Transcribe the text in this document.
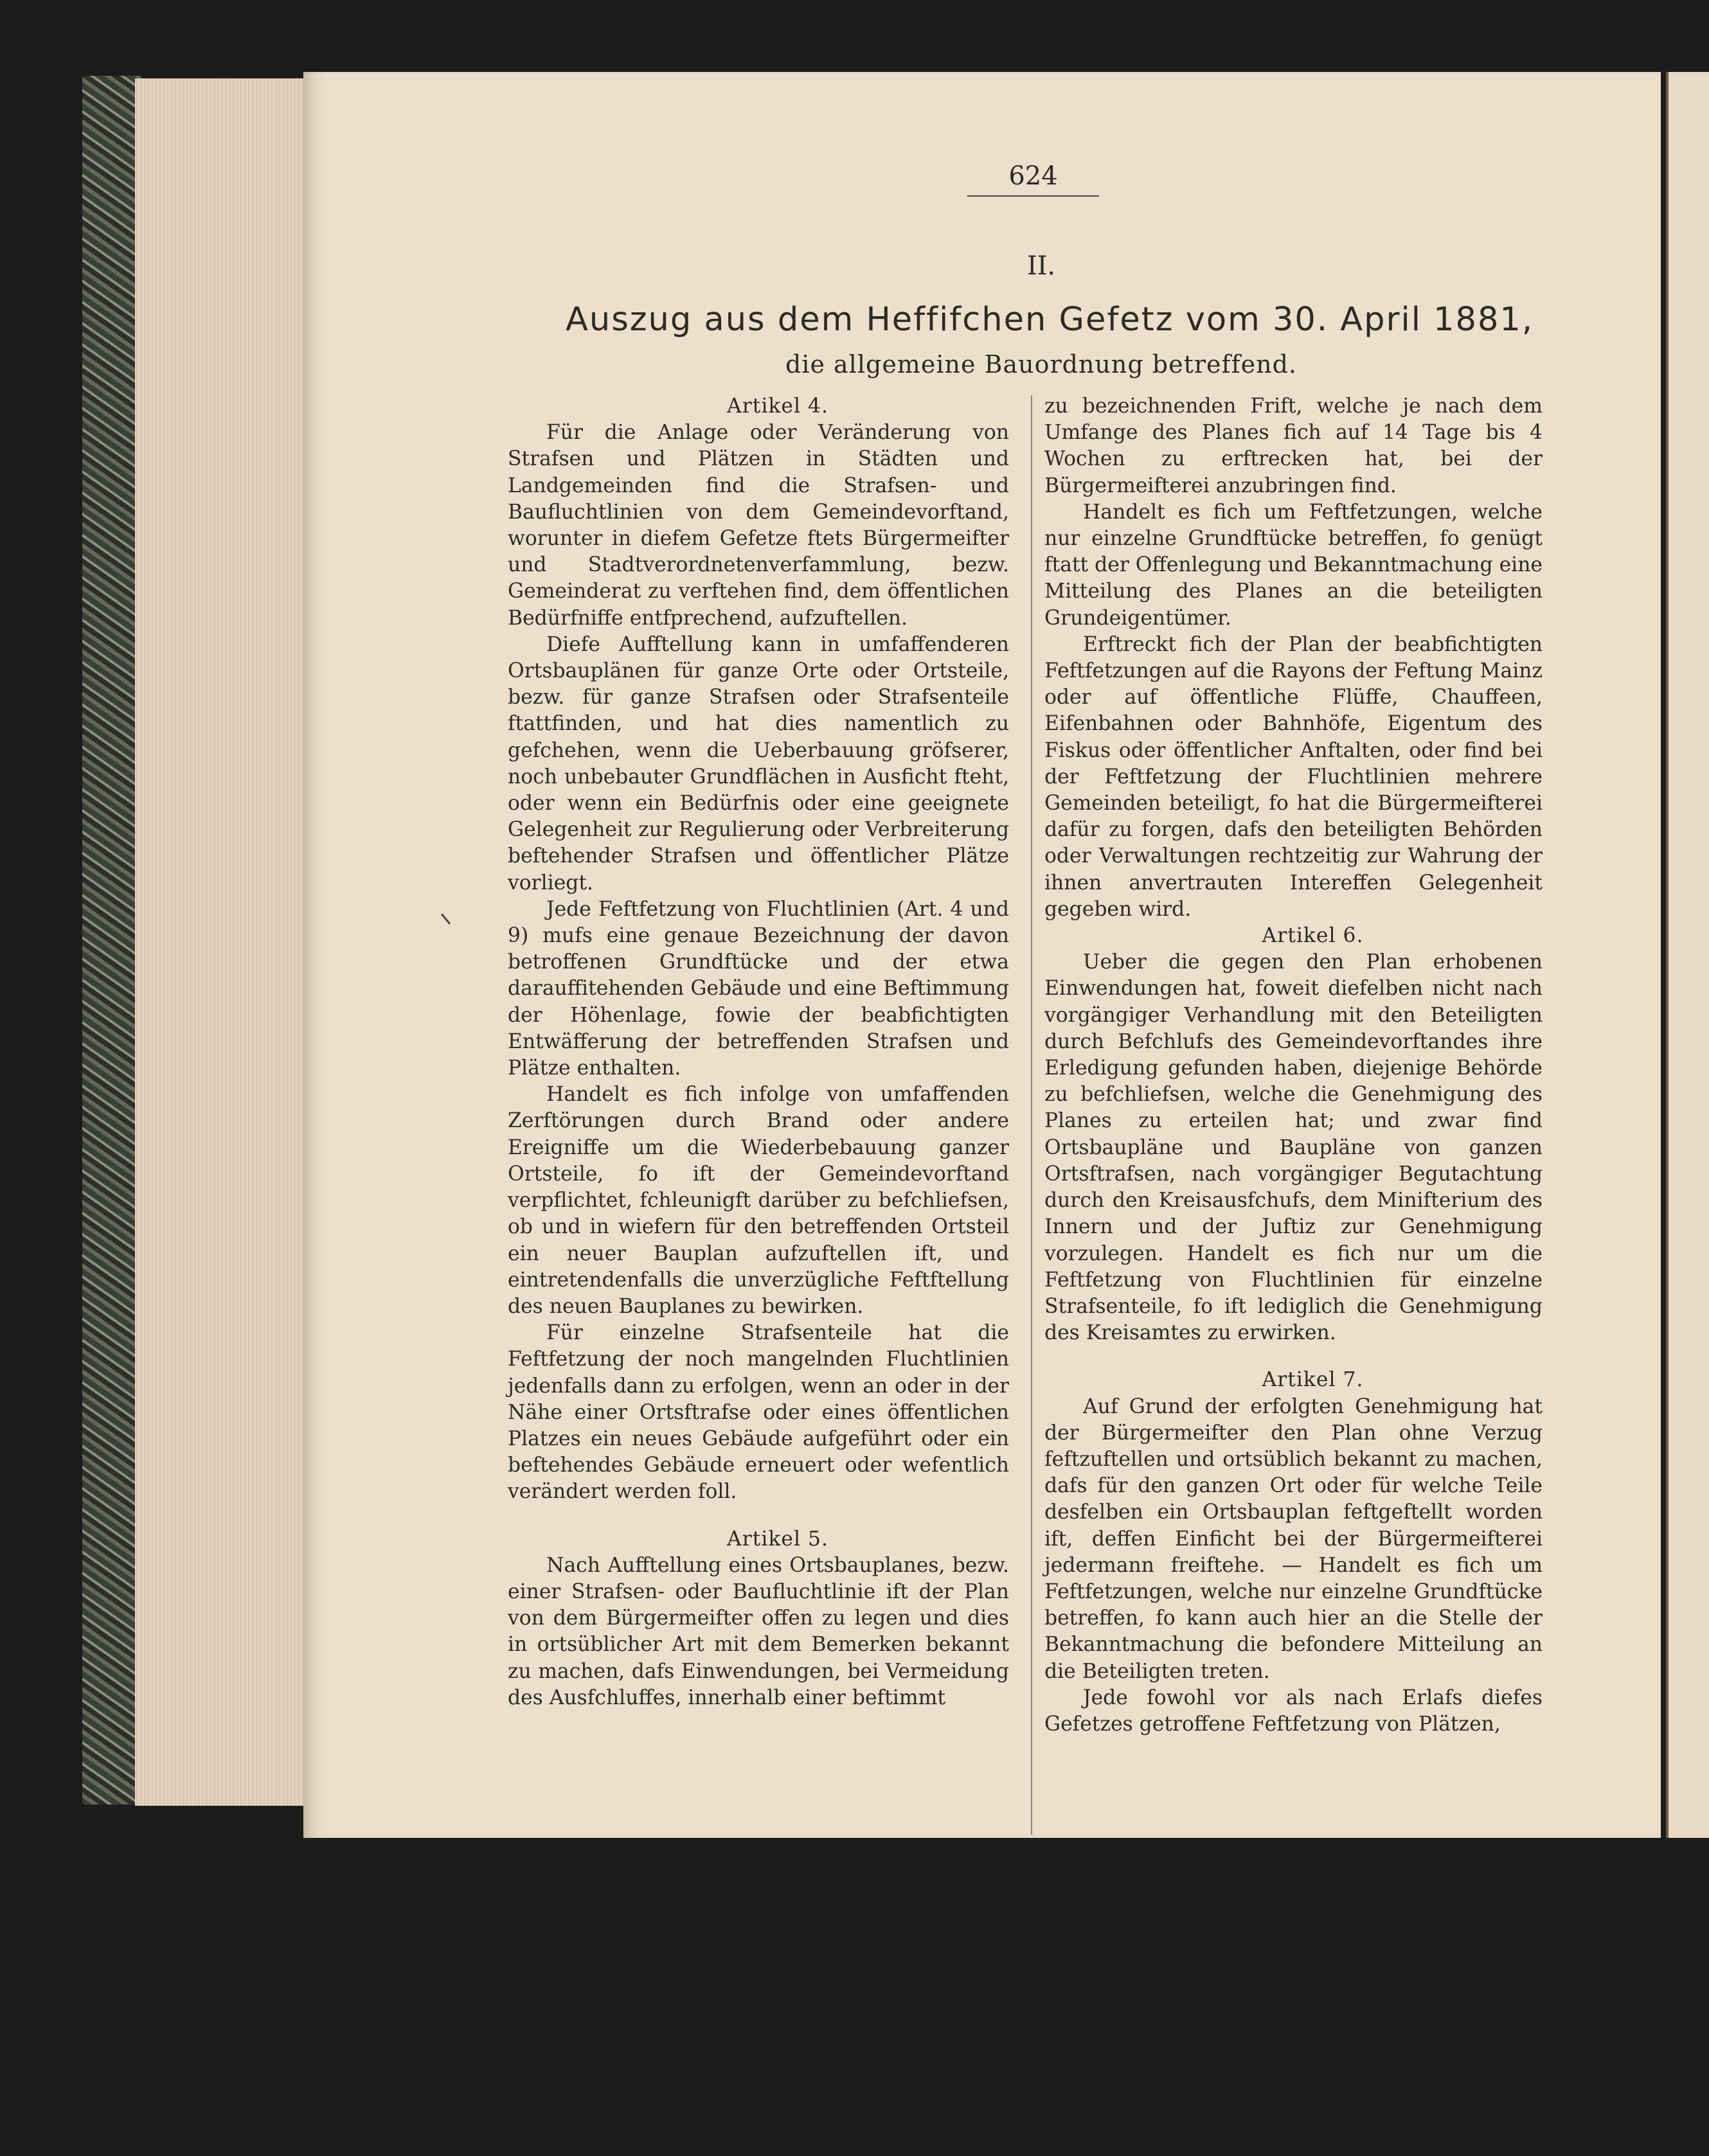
624
II.
Auszug aus dem Heffifchen Gefetz vom 30. April 1881,
die allgemeine Bauordnung betreffend.

Artikel 4.

Für die Anlage oder Veränderung von Strafsen und Plätzen in Städten und Landgemeinden find die Strafsen- und Baufluchtlinien von dem Gemeindevorftand, worunter in diefem Gefetze ftets Bürgermeifter und Stadtverordnetenverfammlung, bezw. Gemeinderat zu verftehen find, dem öffentlichen Bedürfniffe entfprechend, aufzuftellen.

Diefe Aufftellung kann in umfaffenderen Ortsbauplänen für ganze Orte oder Ortsteile, bezw. für ganze Strafsen oder Strafsenteile ftattfinden, und hat dies namentlich zu gefchehen, wenn die Ueberbauung gröfserer, noch unbebauter Grundflächen in Ausficht fteht, oder wenn ein Bedürfnis oder eine geeignete Gelegenheit zur Regulierung oder Verbreiterung beftehender Strafsen und öffentlicher Plätze vorliegt.

Jede Feftfetzung von Fluchtlinien (Art. 4 und 9) mufs eine genaue Bezeichnung der davon betroffenen Grundftücke und der etwa darauffitehenden Gebäude und eine Beftimmung der Höhenlage, fowie der beabfichtigten Entwäfferung der betreffenden Strafsen und Plätze enthalten.

Handelt es fich infolge von umfaffenden Zerftörungen durch Brand oder andere Ereigniffe um die Wiederbebauung ganzer Ortsteile, fo ift der Gemeindevorftand verpflichtet, fchleunigft darüber zu befchliefsen, ob und in wiefern für den betreffenden Ortsteil ein neuer Bauplan aufzuftellen ift, und eintretendenfalls die unverzügliche Feftftellung des neuen Bauplanes zu bewirken.

Für einzelne Strafsenteile hat die Feftfetzung der noch mangelnden Fluchtlinien jedenfalls dann zu erfolgen, wenn an oder in der Nähe einer Ortsftrafse oder eines öffentlichen Platzes ein neues Gebäude aufgeführt oder ein beftehendes Gebäude erneuert oder wefentlich verändert werden foll.

Artikel 5.

Nach Aufftellung eines Ortsbauplanes, bezw. einer Strafsen- oder Baufluchtlinie ift der Plan von dem Bürgermeifter offen zu legen und dies in ortsüblicher Art mit dem Bemerken bekannt zu machen, dafs Einwendungen, bei Vermeidung des Ausfchluffes, innerhalb einer beftimmt

zu bezeichnenden Frift, welche je nach dem Umfange des Planes fich auf 14 Tage bis 4 Wochen zu erftrecken hat, bei der Bürgermeifterei anzubringen find.

Handelt es fich um Feftfetzungen, welche nur einzelne Grundftücke betreffen, fo genügt ftatt der Offenlegung und Bekanntmachung eine Mitteilung des Planes an die beteiligten Grundeigentümer.

Erftreckt fich der Plan der beabfichtigten Feftfetzungen auf die Rayons der Feftung Mainz oder auf öffentliche Flüffe, Chauffeen, Eifenbahnen oder Bahnhöfe, Eigentum des Fiskus oder öffentlicher Anftalten, oder find bei der Feftfetzung der Fluchtlinien mehrere Gemeinden beteiligt, fo hat die Bürgermeifterei dafür zu forgen, dafs den beteiligten Behörden oder Verwaltungen rechtzeitig zur Wahrung der ihnen anvertrauten Intereffen Gelegenheit gegeben wird.

Artikel 6.

Ueber die gegen den Plan erhobenen Einwendungen hat, foweit diefelben nicht nach vorgängiger Verhandlung mit den Beteiligten durch Befchlufs des Gemeindevorftandes ihre Erledigung gefunden haben, diejenige Behörde zu befchliefsen, welche die Genehmigung des Planes zu erteilen hat; und zwar find Ortsbaupläne und Baupläne von ganzen Ortsftrafsen, nach vorgängiger Begutachtung durch den Kreisausfchufs, dem Minifterium des Innern und der Juftiz zur Genehmigung vorzulegen. Handelt es fich nur um die Feftfetzung von Fluchtlinien für einzelne Strafsenteile, fo ift lediglich die Genehmigung des Kreisamtes zu erwirken.

Artikel 7.

Auf Grund der erfolgten Genehmigung hat der Bürgermeifter den Plan ohne Verzug feftzuftellen und ortsüblich bekannt zu machen, dafs für den ganzen Ort oder für welche Teile desfelben ein Ortsbauplan feftgeftellt worden ift, deffen Einficht bei der Bürgermeifterei jedermann freiftehe. — Handelt es fich um Feftfetzungen, welche nur einzelne Grundftücke betreffen, fo kann auch hier an die Stelle der Bekanntmachung die befondere Mitteilung an die Beteiligten treten.

Jede fowohl vor als nach Erlafs diefes Gefetzes getroffene Feftfetzung von Plätzen,
